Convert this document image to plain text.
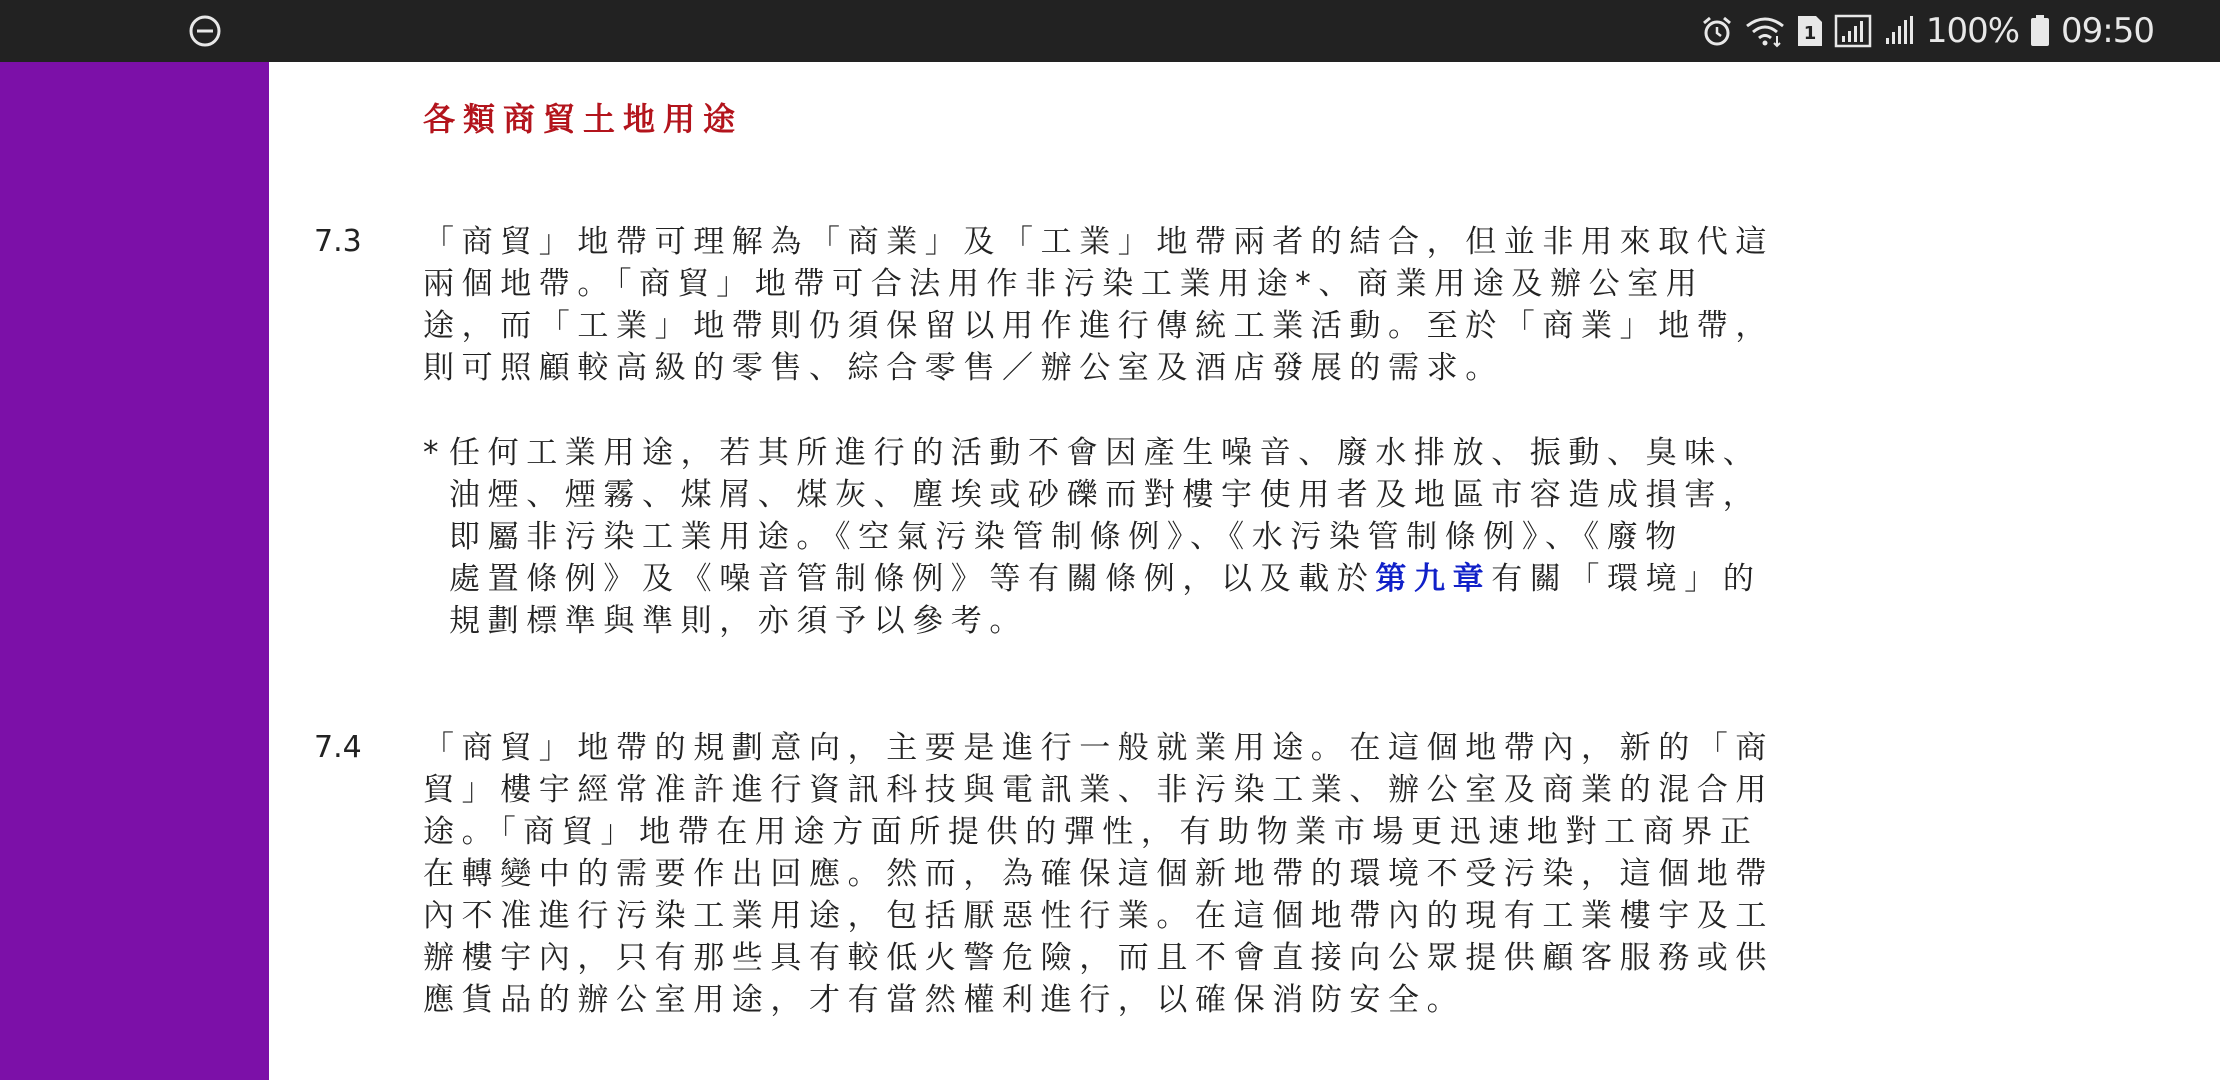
1	100% 09:50
各類商貿土地用途
7.3 「商貿」地帶可理解為「商業」及「工業」地帶兩者的結合，但並非用來取代這
兩個地帶。「商貿」地帶可合法用作非污染工業用途*、商業用途及辦公室用
途，而「工業」地帶則仍須保留以用作進行傳統工業活動。至於「商業」地帶，
則可照顧較高級的零售、綜合零售／辦公室及酒店發展的需求。
* 任何工業用途，若其所進行的活動不會因產生噪音、廢水排放、振動、臭味、
油煙、煙霧、煤屑、煤灰、塵埃或砂礫而對樓宇使用者及地區市容造成損害，
即屬非污染工業用途。《空氣污染管制條例》、《水污染管制條例》、《廢物
處置條例》及《噪音管制條例》等有關條例，以及載於第九章有關「環境」的
規劃標準與準則，亦須予以參考。
7.4 「商貿」地帶的規劃意向，主要是進行一般就業用途。在這個地帶內，新的「商
貿」樓宇經常准許進行資訊科技與電訊業、非污染工業、辦公室及商業的混合用
途。「商貿」地帶在用途方面所提供的彈性，有助物業市場更迅速地對工商界正
在轉變中的需要作出回應。然而，為確保這個新地帶的環境不受污染，這個地帶
內不准進行污染工業用途，包括厭惡性行業。在這個地帶內的現有工業樓宇及工
辦樓宇內，只有那些具有較低火警危險，而且不會直接向公眾提供顧客服務或供
應貨品的辦公室用途，才有當然權利進行，以確保消防安全。
